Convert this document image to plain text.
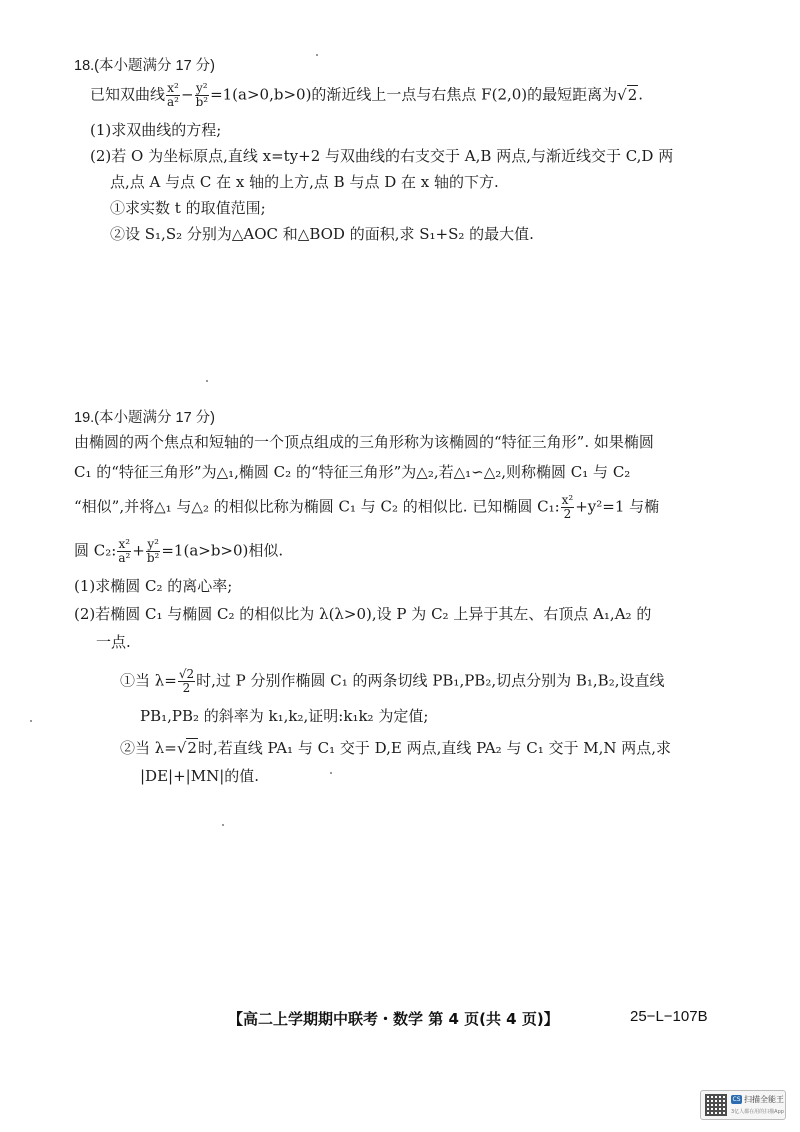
18.(本小题满分 17 分)
已知双曲线 $\frac{\text{x²}}{\text{a²}} - \frac{\text{y²}}{\text{b²}} =1(a>0,b>0)$的渐近线上一点与右焦点 F(2,0)的最短距离为√2.
(1)求双曲线的方程;
(2)若 O 为坐标原点,直线 x=ty+2 与双曲线的右支交于 A,B 两点,与渐近线交于 C,D 两
点,点 A 与点 C 在 x 轴的上方,点 B 与点 D 在 x 轴的下方.
①求实数 t 的取值范围;
②设 S₁,S₂ 分别为△AOC 和△BOD 的面积,求 S₁+S₂ 的最大值.
19.(本小题满分 17 分)
由椭圆的两个焦点和短轴的一个顶点组成的三角形称为该椭圆的“特征三角形”. 如果椭圆
C₁ 的“特征三角形”为△₁,椭圆 C₂ 的“特征三角形”为△₂,若△₁∽△₂,则称椭圆 C₁ 与 C₂
“相似”,并将△₁ 与△₂ 的相似比称为椭圆 C₁ 与 C₂ 的相似比. 已知椭圆 C₁: $\frac{\text{x²}}{2} +y^2=1$ 与椭
圆 C₂: $\frac{\text{x²}}{\text{a²}} + \frac{\text{y²}}{\text{b²}} =1(a>b>0)$相似.
(1)求椭圆 C₂ 的离心率;
(2)若椭圆 C₁ 与椭圆 C₂ 的相似比为 λ(λ>0),设 P 为 C₂ 上异于其左、右顶点 A₁,A₂ 的
一点.
①当 $\lambda= \frac{√2}{2}$ 时,过 P 分别作椭圆 C₁ 的两条切线 PB₁,PB₂,切点分别为 B₁,B₂,设直线
PB₁,PB₂ 的斜率为 k₁,k₂,证明:k₁k₂ 为定值;
②当 λ=√2时,若直线 PA₁ 与 C₁ 交于 D,E 两点,直线 PA₂ 与 C₁ 交于 M,N 两点,求
|DE|+|MN|的值.
【高二上学期期中联考・数学 第 4 页(共 4 页)】	25−L−107B
CS 扫描全能王
3亿人都在用的扫描App
